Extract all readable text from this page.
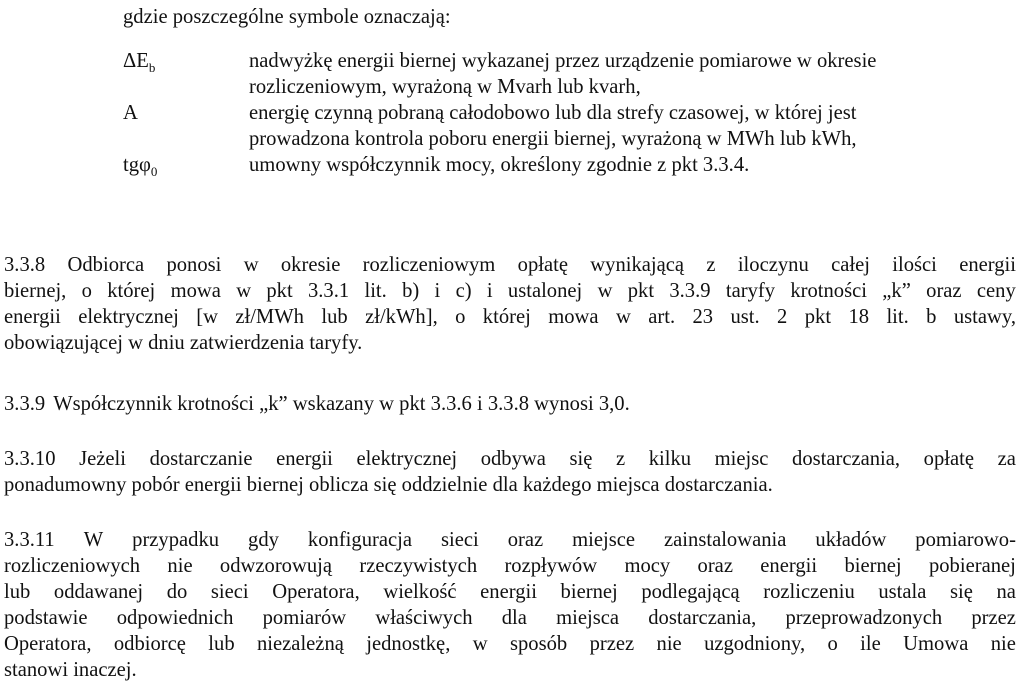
gdzie poszczególne symbole oznaczają:
$\Delta E_b$	nadwyżkę energii biernej wykazanej przez urządzenie pomiarowe w okresie
rozliczeniowym, wyrażoną w Mvarh lub kvarh,
A	energię czynną pobraną całodobowo lub dla strefy czasowej, w której jest
prowadzona kontrola poboru energii biernej, wyrażoną w MWh lub kWh,
tgφ$_0$	umowny współczynnik mocy, określony zgodnie z pkt 3.3.4.
3.3.8 Odbiorca ponosi w okresie rozliczeniowym opłatę wynikającą z iloczynu całej ilości energii
biernej, o której mowa w pkt 3.3.1 lit. b) i c) i ustalonej w pkt 3.3.9 taryfy krotności „k” oraz ceny
energii elektrycznej [w zł/MWh lub zł/kWh], o której mowa w art. 23 ust. 2 pkt 18 lit. b ustawy,
obowiązującej w dniu zatwierdzenia taryfy.
3.3.9 Współczynnik krotności „k” wskazany w pkt 3.3.6 i 3.3.8 wynosi 3,0.
3.3.10 Jeżeli dostarczanie energii elektrycznej odbywa się z kilku miejsc dostarczania, opłatę za
ponadumowny pobór energii biernej oblicza się oddzielnie dla każdego miejsca dostarczania.
3.3.11 W przypadku gdy konfiguracja sieci oraz miejsce zainstalowania układów pomiarowo-
rozliczeniowych nie odwzorowują rzeczywistych rozpływów mocy oraz energii biernej pobieranej
lub oddawanej do sieci Operatora, wielkość energii biernej podlegającą rozliczeniu ustala się na
podstawie odpowiednich pomiarów właściwych dla miejsca dostarczania, przeprowadzonych przez
Operatora, odbiorcę lub niezależną jednostkę, w sposób przez nie uzgodniony, o ile Umowa nie
stanowi inaczej.
